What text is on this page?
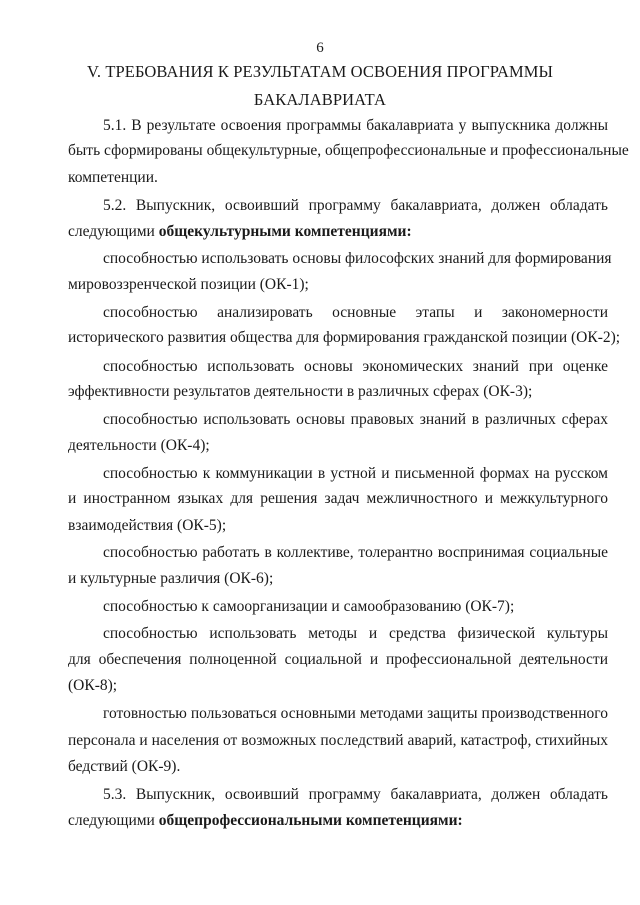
6
V. ТРЕБОВАНИЯ К РЕЗУЛЬТАТАМ ОСВОЕНИЯ ПРОГРАММЫ
БАКАЛАВРИАТА
5.1. В результате освоения программы бакалавриата у выпускника должны
быть сформированы общекультурные, общепрофессиональные и профессиональные
компетенции.
5.2. Выпускник, освоивший программу бакалавриата, должен обладать
следующими общекультурными компетенциями:
способностью использовать основы философских знаний для формирования
мировоззренческой позиции (ОК-1);
способностью анализировать основные этапы и закономерности
исторического развития общества для формирования гражданской позиции (ОК-2);
способностью использовать основы экономических знаний при оценке
эффективности результатов деятельности в различных сферах (ОК-3);
способностью использовать основы правовых знаний в различных сферах
деятельности (ОК-4);
способностью к коммуникации в устной и письменной формах на русском
и иностранном языках для решения задач межличностного и межкультурного
взаимодействия (ОК-5);
способностью работать в коллективе, толерантно воспринимая социальные
и культурные различия (ОК-6);
способностью к самоорганизации и самообразованию (ОК-7);
способностью использовать методы и средства физической культуры
для обеспечения полноценной социальной и профессиональной деятельности
(ОК-8);
готовностью пользоваться основными методами защиты производственного
персонала и населения от возможных последствий аварий, катастроф, стихийных
бедствий (ОК-9).
5.3. Выпускник, освоивший программу бакалавриата, должен обладать
следующими общепрофессиональными компетенциями:
